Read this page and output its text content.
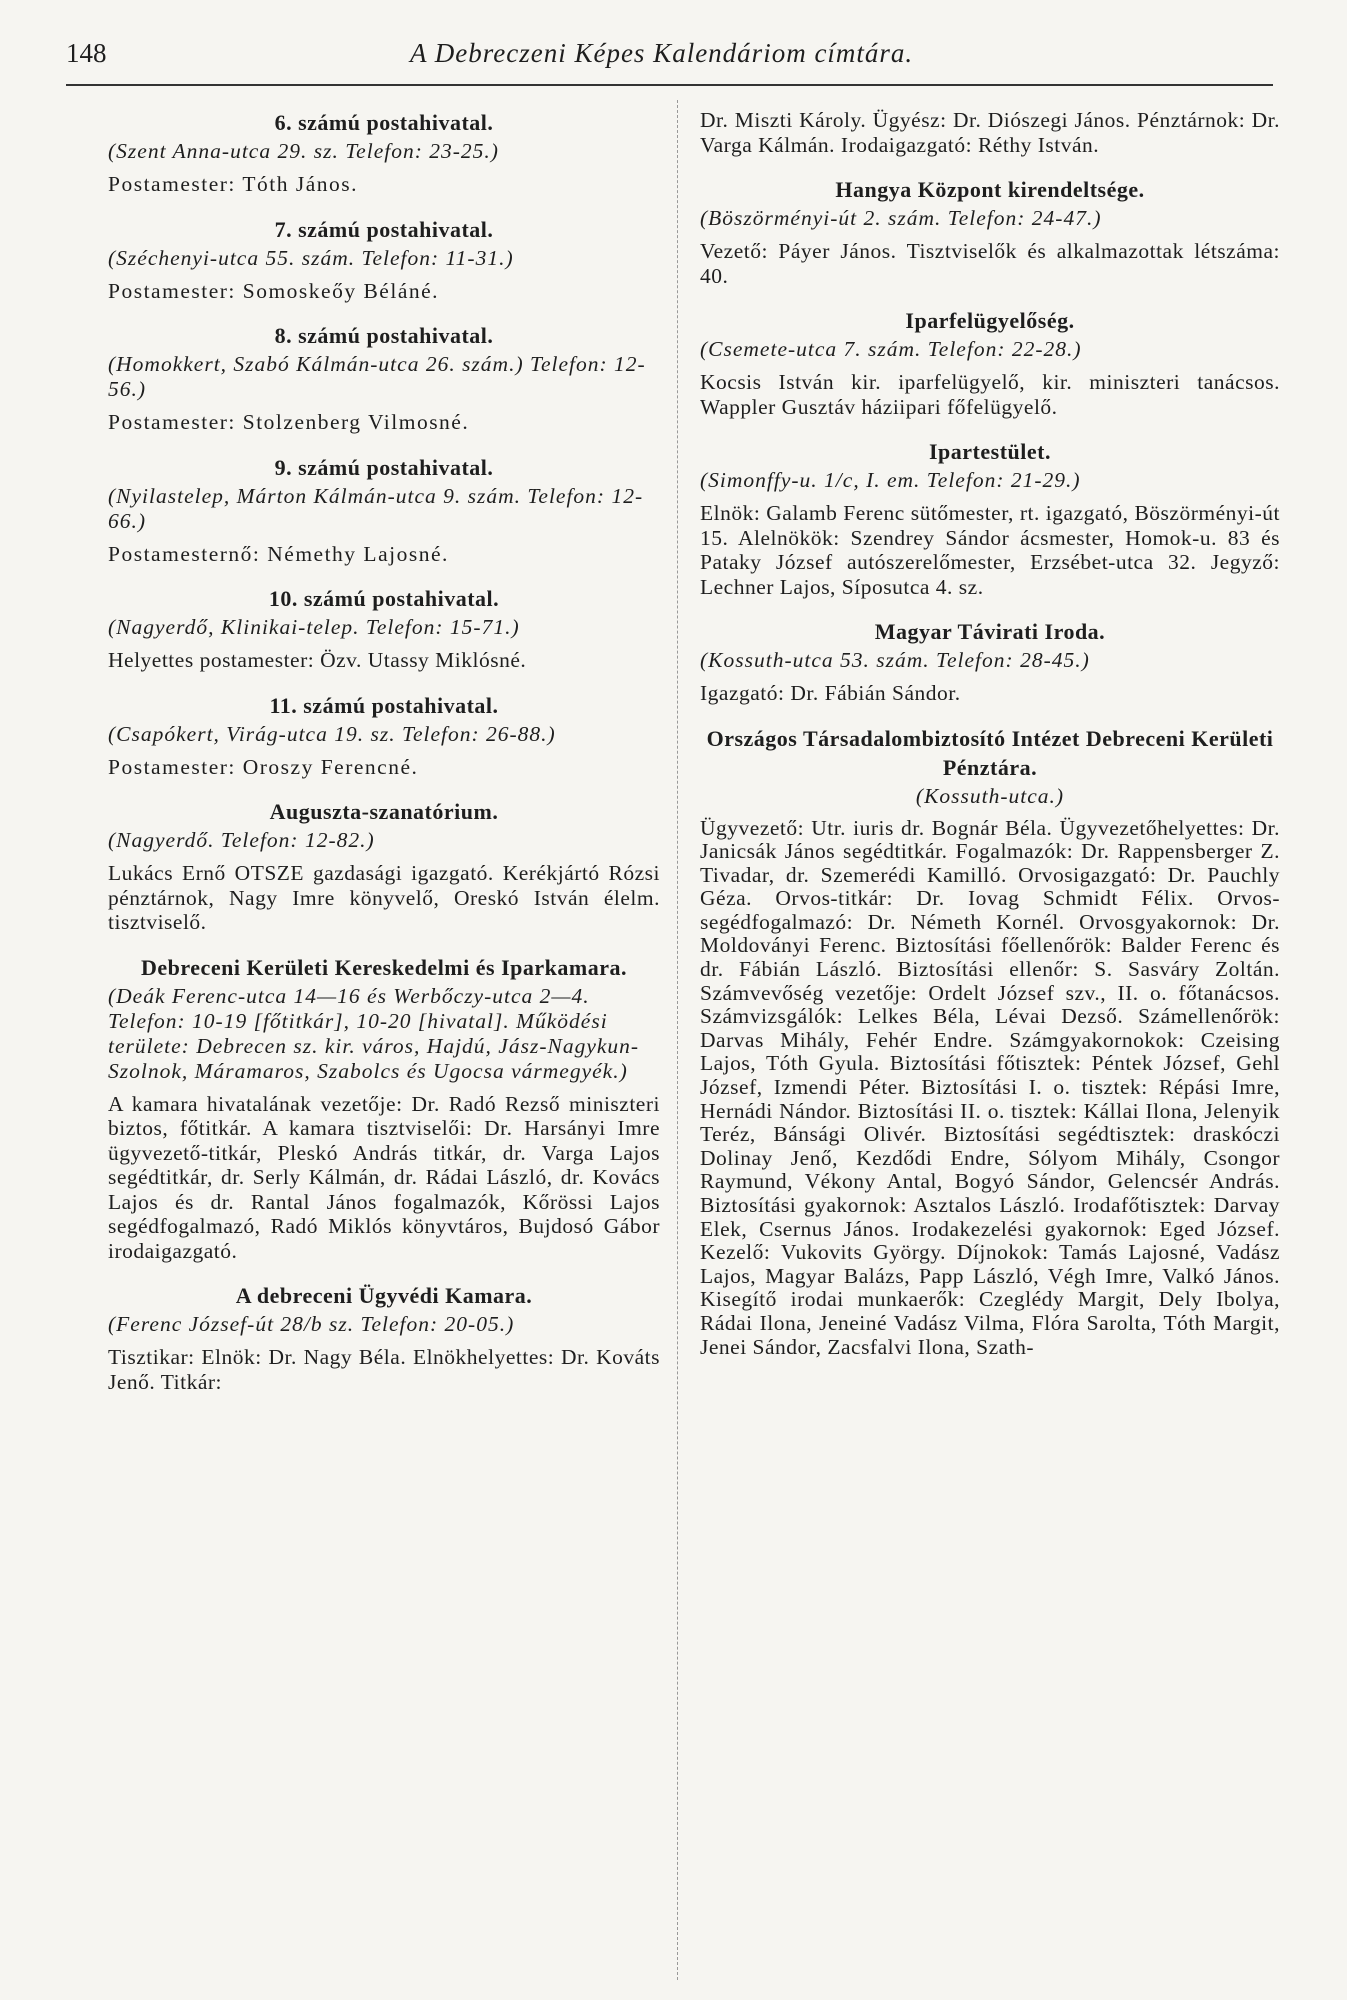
148	A Debreczeni Képes Kalendáriom címtára.
6. számú postahivatal.
(Szent Anna-utca 29. sz. Telefon: 23-25.)
Postamester: Tóth János.
7. számú postahivatal.
(Széchenyi-utca 55. szám. Telefon: 11-31.)
Postamester: Somoskeőy Béláné.
8. számú postahivatal.
(Homokkert, Szabó Kálmán-utca 26. szám.) Telefon: 12-56.)
Postamester: Stolzenberg Vilmosné.
9. számú postahivatal.
(Nyilastelep, Márton Kálmán-utca 9. szám. Telefon: 12-66.)
Postamesternő: Némethy Lajosné.
10. számú postahivatal.
(Nagyerdő, Klinikai-telep. Telefon: 15-71.)
Helyettes postamester: Özv. Utassy Miklósné.
11. számú postahivatal.
(Csapókert, Virág-utca 19. sz. Telefon: 26-88.)
Postamester: Oroszy Ferencné.
Auguszta-szanatórium.
(Nagyerdő. Telefon: 12-82.)
Lukács Ernő OTSZE gazdasági igazgató. Kerékjártó Rózsi pénztárnok, Nagy Imre könyvelő, Oreskó István élelm. tisztviselő.
Debreceni Kerületi Kereskedelmi és Iparkamara.
(Deák Ferenc-utca 14—16 és Werbőczy-utca 2—4. Telefon: 10-19 [főtitkár], 10-20 [hivatal]. Működési területe: Debrecen sz. kir. város, Hajdú, Jász-Nagykun-Szolnok, Máramaros, Szabolcs és Ugocsa vármegyék.)
A kamara hivatalának vezetője: Dr. Radó Rezső miniszteri biztos, főtitkár. A kamara tisztviselői: Dr. Harsányi Imre ügyvezető-titkár, Pleskó András titkár, dr. Varga Lajos segédtitkár, dr. Serly Kálmán, dr. Rádai László, dr. Kovács Lajos és dr. Rantal János fogalmazók, Kőrössi Lajos segédfogalmazó, Radó Miklós könyvtáros, Bujdosó Gábor irodaigazgató.
A debreceni Ügyvédi Kamara.
(Ferenc József-út 28/b sz. Telefon: 20-05.)
Tisztikar: Elnök: Dr. Nagy Béla. Elnökhelyettes: Dr. Kováts Jenő. Titkár:
Dr. Miszti Károly. Ügyész: Dr. Diószegi János. Pénztárnok: Dr. Varga Kálmán. Irodaigazgató: Réthy István.
Hangya Központ kirendeltsége.
(Böszörményi-út 2. szám. Telefon: 24-47.)
Vezető: Páyer János. Tisztviselők és alkalmazottak létszáma: 40.
Iparfelügyelőség.
(Csemete-utca 7. szám. Telefon: 22-28.)
Kocsis István kir. iparfelügyelő, kir. miniszteri tanácsos. Wappler Gusztáv háziipari főfelügyelő.
Ipartestület.
(Simonffy-u. 1/c, I. em. Telefon: 21-29.)
Elnök: Galamb Ferenc sütőmester, rt. igazgató, Böszörményi-út 15. Alelnökök: Szendrey Sándor ácsmester, Homok-u. 83 és Pataky József autószerelőmester, Erzsébet-utca 32. Jegyző: Lechner Lajos, Síposutca 4. sz.
Magyar Távirati Iroda.
(Kossuth-utca 53. szám. Telefon: 28-45.)
Igazgató: Dr. Fábián Sándor.
Országos Társadalombiztosító Intézet Debreceni Kerületi Pénztára.
(Kossuth-utca.)
Ügyvezető: Utr. iuris dr. Bognár Béla. Ügyvezetőhelyettes: Dr. Janicsák János segédtitkár. Fogalmazók: Dr. Rappensberger Z. Tivadar, dr. Szemerédi Kamilló. Orvosigazgató: Dr. Pauchly Géza. Orvos-titkár: Dr. Iovag Schmidt Félix. Orvos-segédfogalmazó: Dr. Németh Kornél. Orvosgyakornok: Dr. Moldoványi Ferenc. Biztosítási főellenőrök: Balder Ferenc és dr. Fábián László. Biztosítási ellenőr: S. Sasváry Zoltán. Számvevőség vezetője: Ordelt József szv., II. o. főtanácsos. Számvizsgálók: Lelkes Béla, Lévai Dezső. Számellenőrök: Darvas Mihály, Fehér Endre. Számgyakornokok: Czeising Lajos, Tóth Gyula. Biztosítási főtisztek: Péntek József, Gehl József, Izmendi Péter. Biztosítási I. o. tisztek: Répási Imre, Hernádi Nándor. Biztosítási II. o. tisztek: Kállai Ilona, Jelenyik Teréz, Bánsági Olivér. Biztosítási segédtisztek: draskóczi Dolinay Jenő, Kezdődi Endre, Sólyom Mihály, Csongor Raymund, Vékony Antal, Bogyó Sándor, Gelencsér András. Biztosítási gyakornok: Asztalos László. Irodafőtisztek: Darvay Elek, Csernus János. Irodakezelési gyakornok: Eged József. Kezelő: Vukovits György. Díjnokok: Tamás Lajosné, Vadász Lajos, Magyar Balázs, Papp László, Végh Imre, Valkó János. Kisegítő irodai munkaerők: Czeglédy Margit, Dely Ibolya, Rádai Ilona, Jeneiné Vadász Vilma, Flóra Sarolta, Tóth Margit, Jenei Sándor, Zacsfalvi Ilona, Szath-
